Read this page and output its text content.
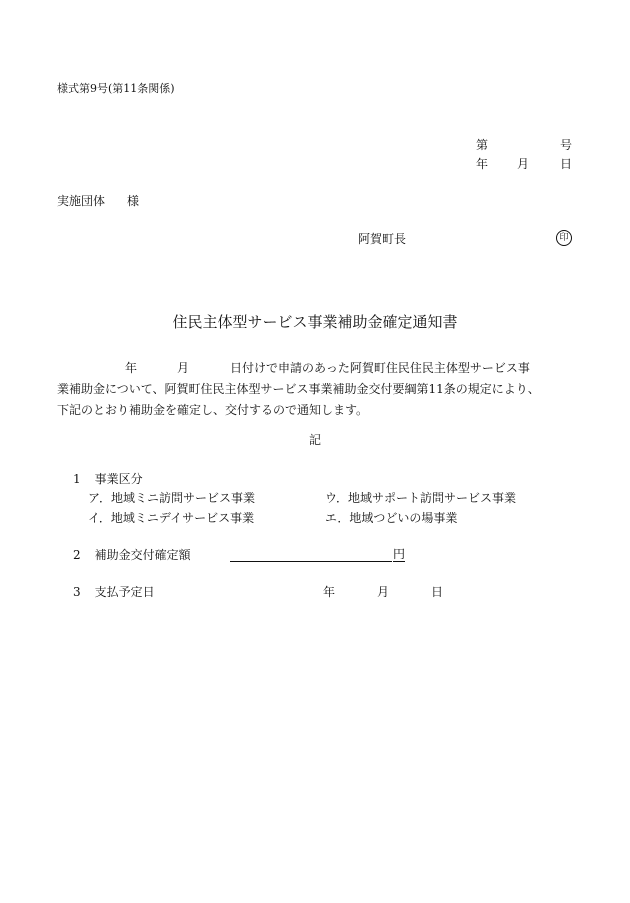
様式第9号(第11条関係)
第	号
年 月	日
実施団体 様
阿賀町長	印
住民主体型サービス事業補助金確定通知書
年	月	日付けで申請のあった阿賀町住民住民主体型サービス事
業補助金について、阿賀町住民主体型サービス事業補助金交付要綱第11条の規定により、
下記のとおり補助金を確定し、交付するので通知します。
記
1 事業区分
ア．地域ミニ訪問サービス事業	ウ．地域サポート訪問サービス事業
イ．地域ミニデイサービス事業	エ．地域つどいの場事業
2 補助金交付確定額	円
3 支払予定日	年	月	日
